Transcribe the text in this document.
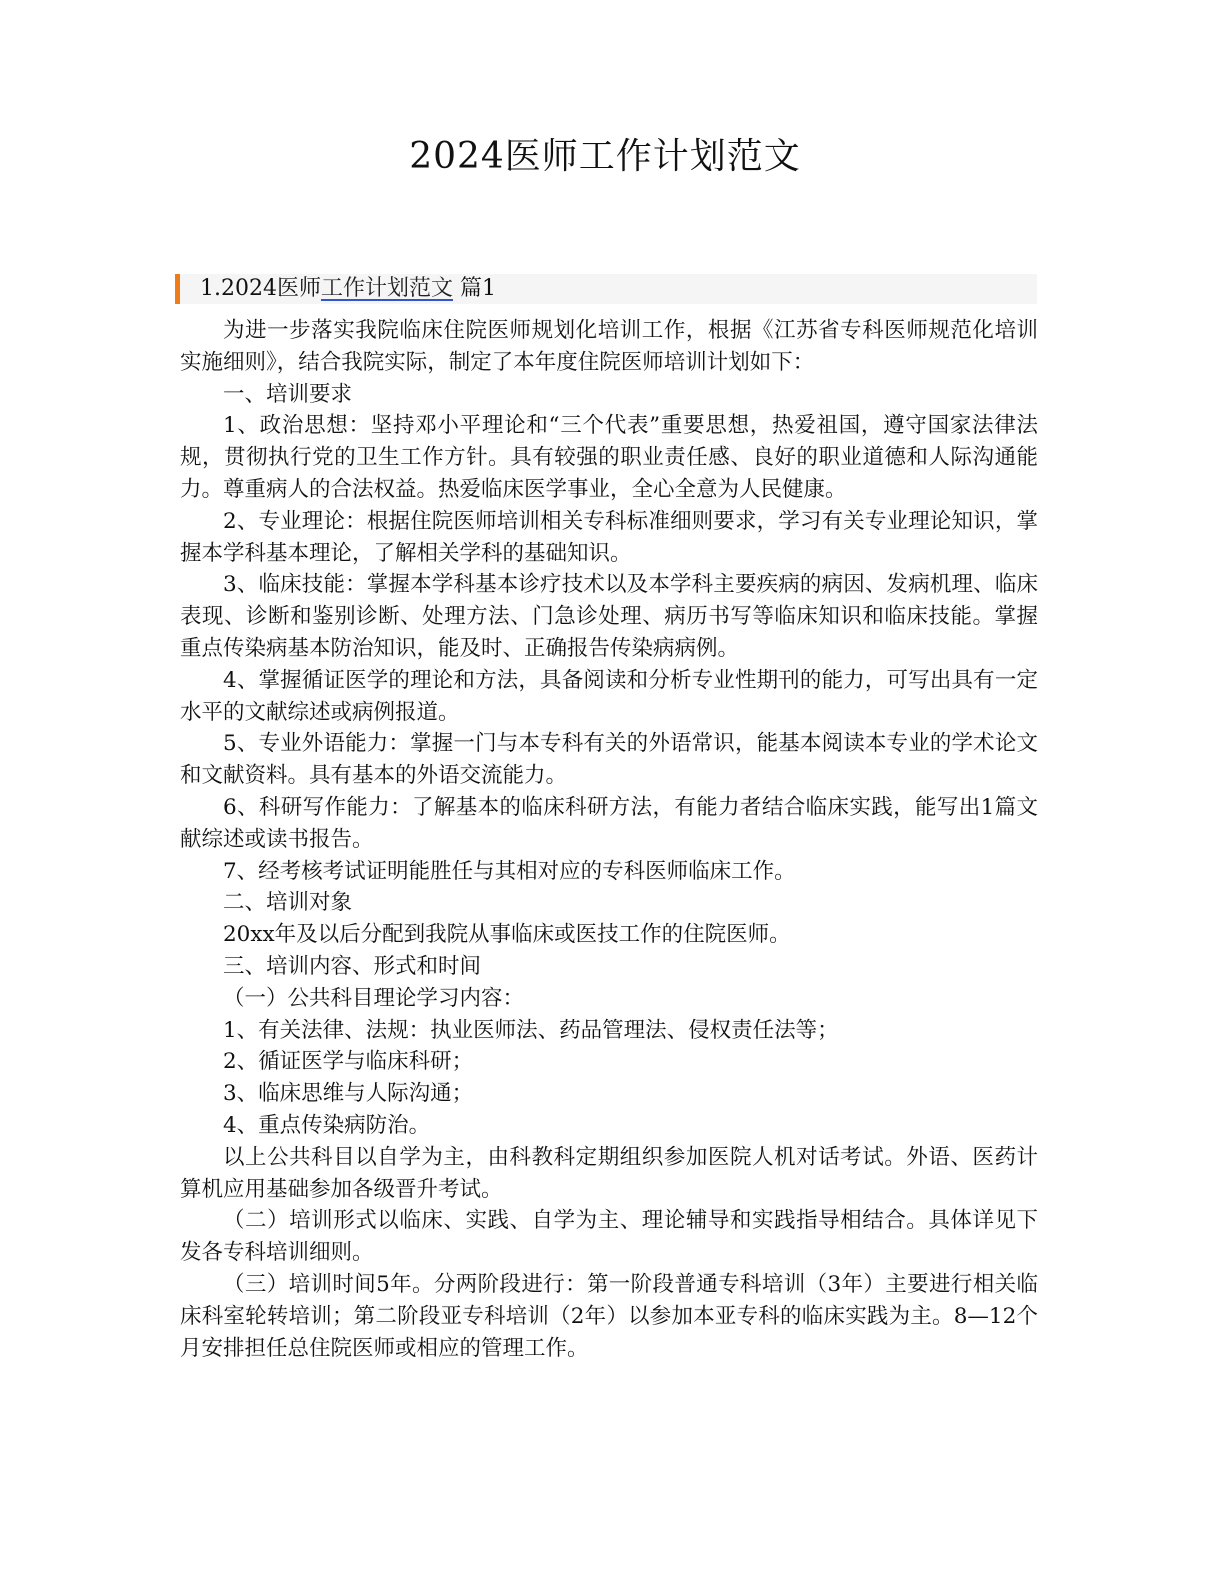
2024医师工作计划范文
1.2024医师工作计划范文 篇1

为进一步落实我院临床住院医师规划化培训工作，根据《江苏省专科医师规范化培训实施细则》，结合我院实际，制定了本年度住院医师培训计划如下：

一、培训要求

1、政治思想：坚持邓小平理论和“三个代表”重要思想，热爱祖国，遵守国家法律法规，贯彻执行党的卫生工作方针。具有较强的职业责任感、良好的职业道德和人际沟通能力。尊重病人的合法权益。热爱临床医学事业，全心全意为人民健康。

2、专业理论：根据住院医师培训相关专科标准细则要求，学习有关专业理论知识，掌握本学科基本理论，了解相关学科的基础知识。

3、临床技能：掌握本学科基本诊疗技术以及本学科主要疾病的病因、发病机理、临床表现、诊断和鉴别诊断、处理方法、门急诊处理、病历书写等临床知识和临床技能。掌握重点传染病基本防治知识，能及时、正确报告传染病病例。

4、掌握循证医学的理论和方法，具备阅读和分析专业性期刊的能力，可写出具有一定水平的文献综述或病例报道。

5、专业外语能力：掌握一门与本专科有关的外语常识，能基本阅读本专业的学术论文和文献资料。具有基本的外语交流能力。

6、科研写作能力：了解基本的临床科研方法，有能力者结合临床实践，能写出1篇文献综述或读书报告。

7、经考核考试证明能胜任与其相对应的专科医师临床工作。

二、培训对象

20xx年及以后分配到我院从事临床或医技工作的住院医师。

三、培训内容、形式和时间

（一）公共科目理论学习内容：

1、有关法律、法规：执业医师法、药品管理法、侵权责任法等；

2、循证医学与临床科研；

3、临床思维与人际沟通；

4、重点传染病防治。

以上公共科目以自学为主，由科教科定期组织参加医院人机对话考试。外语、医药计算机应用基础参加各级晋升考试。

（二）培训形式以临床、实践、自学为主、理论辅导和实践指导相结合。具体详见下发各专科培训细则。

（三）培训时间5年。分两阶段进行：第一阶段普通专科培训（3年）主要进行相关临床科室轮转培训；第二阶段亚专科培训（2年）以参加本亚专科的临床实践为主。8—12个月安排担任总住院医师或相应的管理工作。
